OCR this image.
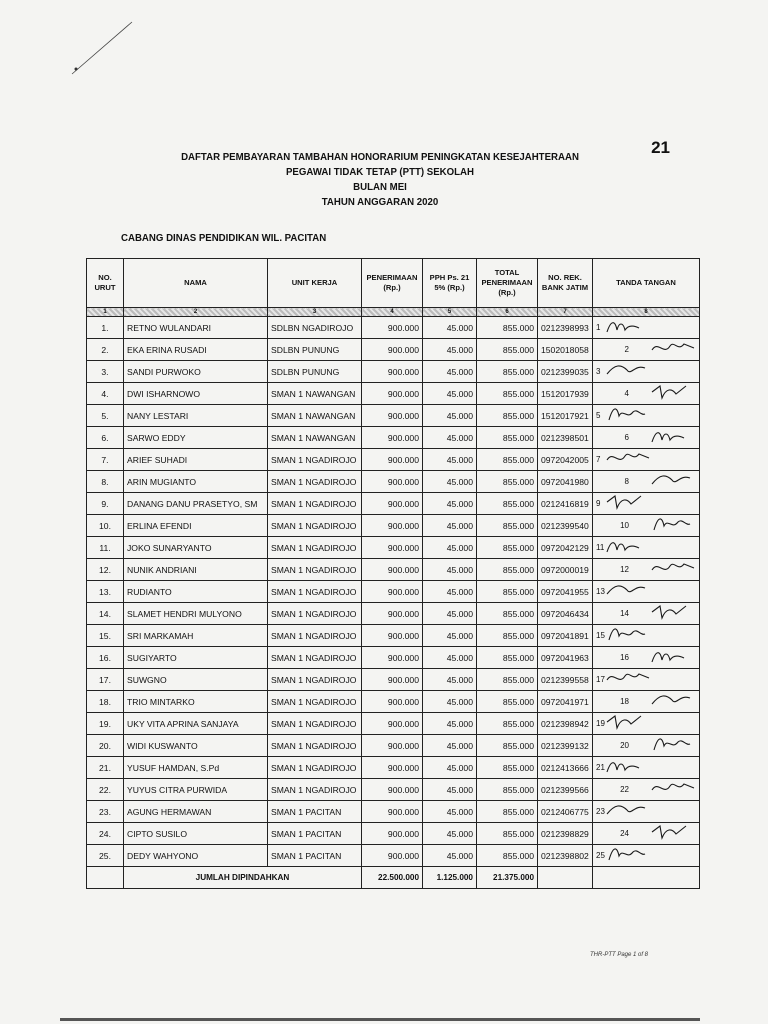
21
DAFTAR PEMBAYARAN TAMBAHAN HONORARIUM PENINGKATAN KESEJAHTERAAN
PEGAWAI TIDAK TETAP (PTT) SEKOLAH
BULAN MEI
TAHUN ANGGARAN 2020
CABANG DINAS PENDIDIKAN WIL. PACITAN
NO. URUT	NAMA	UNIT KERJA	PENERIMAAN (Rp.)	PPH Ps. 21 5% (Rp.)	TOTAL PENERIMAAN (Rp.)	NO. REK. BANK JATIM	TANDA TANGAN
1	2	3	4	5	6	7	8
1.	RETNO WULANDARI	SDLBN NGADIROJO	900.000	45.000	855.000	0212398993	1

2.	EKA ERINA RUSADI	SDLBN PUNUNG	900.000	45.000	855.000	1502018058	2

3.	SANDI PURWOKO	SDLBN PUNUNG	900.000	45.000	855.000	0212399035	3

4.	DWI ISHARNOWO	SMAN 1 NAWANGAN	900.000	45.000	855.000	1512017939	4

5.	NANY LESTARI	SMAN 1 NAWANGAN	900.000	45.000	855.000	1512017921	5

6.	SARWO EDDY	SMAN 1 NAWANGAN	900.000	45.000	855.000	0212398501	6

7.	ARIEF SUHADI	SMAN 1 NGADIROJO	900.000	45.000	855.000	0972042005	7

8.	ARIN MUGIANTO	SMAN 1 NGADIROJO	900.000	45.000	855.000	0972041980	8

9.	DANANG DANU PRASETYO, SM	SMAN 1 NGADIROJO	900.000	45.000	855.000	0212416819	9

10.	ERLINA EFENDI	SMAN 1 NGADIROJO	900.000	45.000	855.000	0212399540	10

11.	JOKO SUNARYANTO	SMAN 1 NGADIROJO	900.000	45.000	855.000	0972042129	11

12.	NUNIK ANDRIANI	SMAN 1 NGADIROJO	900.000	45.000	855.000	0972000019	12

13.	RUDIANTO	SMAN 1 NGADIROJO	900.000	45.000	855.000	0972041955	13

14.	SLAMET HENDRI MULYONO	SMAN 1 NGADIROJO	900.000	45.000	855.000	0972046434	14

15.	SRI MARKAMAH	SMAN 1 NGADIROJO	900.000	45.000	855.000	0972041891	15

16.	SUGIYARTO	SMAN 1 NGADIROJO	900.000	45.000	855.000	0972041963	16

17.	SUWGNO	SMAN 1 NGADIROJO	900.000	45.000	855.000	0212399558	17

18.	TRIO MINTARKO	SMAN 1 NGADIROJO	900.000	45.000	855.000	0972041971	18

19.	UKY VITA APRINA SANJAYA	SMAN 1 NGADIROJO	900.000	45.000	855.000	0212398942	19

20.	WIDI KUSWANTO	SMAN 1 NGADIROJO	900.000	45.000	855.000	0212399132	20

21.	YUSUF HAMDAN, S.Pd	SMAN 1 NGADIROJO	900.000	45.000	855.000	0212413666	21

22.	YUYUS CITRA PURWIDA	SMAN 1 NGADIROJO	900.000	45.000	855.000	0212399566	22

23.	AGUNG HERMAWAN	SMAN 1 PACITAN	900.000	45.000	855.000	0212406775	23

24.	CIPTO SUSILO	SMAN 1 PACITAN	900.000	45.000	855.000	0212398829	24

25.	DEDY WAHYONO	SMAN 1 PACITAN	900.000	45.000	855.000	0212398802	25

	JUMLAH DIPINDAHKAN		22.500.000	1.125.000	21.375.000		
THR-PTT Page 1 of 8
